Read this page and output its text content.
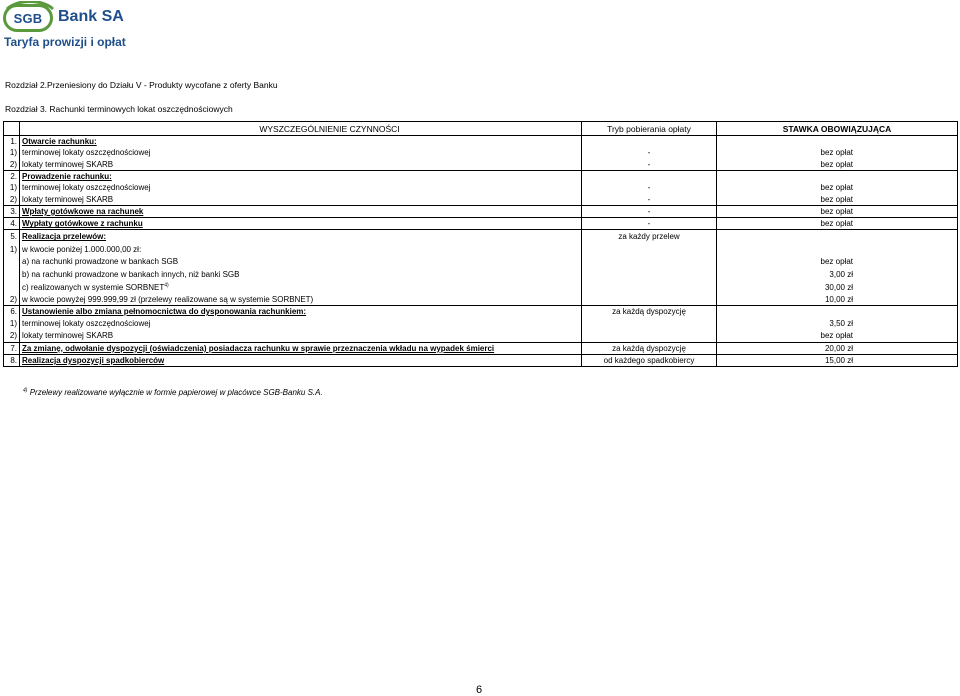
SGB Bank SA
Taryfa prowizji i opłat
Rozdział 2.Przeniesiony do Działu V - Produkty wycofane z oferty Banku
Rozdział 3. Rachunki terminowych lokat oszczędnościowych
	WYSZCZEGÓLNIENIE CZYNNOŚCI	Tryb pobierania opłaty	STAWKA OBOWIĄZUJĄCA
1.	Otwarcie rachunku:		
1)	terminowej lokaty oszczędnościowej	-	bez opłat
2)	lokaty terminowej SKARB	-	bez opłat
2.	Prowadzenie rachunku:		
1)	terminowej lokaty oszczędnościowej	-	bez opłat
2)	lokaty terminowej SKARB	-	bez opłat
3.	Wpłaty gotówkowe na rachunek	-	bez opłat
4.	Wypłaty gotówkowe z rachunku	-	bez opłat
5.	Realizacja przelewów:	za każdy przelew	
1)	w kwocie poniżej 1.000.000,00 zł:		
	a) na rachunki prowadzone w bankach SGB		bez opłat
	b) na rachunki prowadzone w bankach innych, niż banki SGB		3,00 zł
	c) realizowanych w systemie SORBNET$^{4)}$		30,00 zł
2)	w kwocie powyżej 999.999,99 zł (przelewy realizowane są w systemie SORBNET)		10,00 zł
6.	Ustanowienie albo zmiana pełnomocnictwa do dysponowania rachunkiem:	za każdą dyspozycję	
1)	terminowej lokaty oszczędnościowej		3,50 zł
2)	lokaty terminowej SKARB		bez opłat
7.	Za zmianę, odwołanie dyspozycji (oświadczenia) posiadacza rachunku w sprawie przeznaczenia wkładu na wypadek śmierci	za każdą dyspozycję	20,00 zł
8.	Realizacja dyspozycji spadkobierców	od każdego spadkobiercy	15,00 zł
$^{4)}$ Przelewy realizowane wyłącznie w formie papierowej w placówce SGB-Banku S.A.
6
